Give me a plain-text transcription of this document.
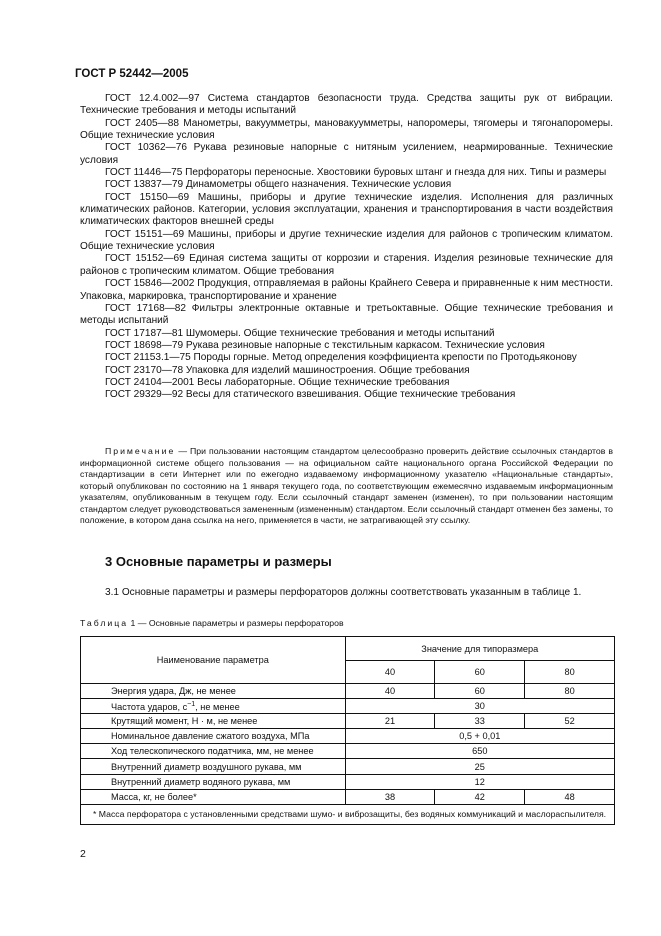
ГОСТ Р 52442—2005

ГОСТ 12.4.002—97 Система стандартов безопасности труда. Средства защиты рук от вибрации. Технические требования и методы испытаний

ГОСТ 2405—88 Манометры, вакуумметры, мановакуумметры, напоромеры, тягомеры и тягонапоромеры. Общие технические условия

ГОСТ 10362—76 Рукава резиновые напорные с нитяным усилением, неармированные. Технические условия

ГОСТ 11446—75 Перфораторы переносные. Хвостовики буровых штанг и гнезда для них. Типы и размеры

ГОСТ 13837—79 Динамометры общего назначения. Технические условия

ГОСТ 15150—69 Машины, приборы и другие технические изделия. Исполнения для различных климатических районов. Категории, условия эксплуатации, хранения и транспортирования в части воздействия климатических факторов внешней среды

ГОСТ 15151—69 Машины, приборы и другие технические изделия для районов с тропическим климатом. Общие технические условия

ГОСТ 15152—69 Единая система защиты от коррозии и старения. Изделия резиновые технические для районов с тропическим климатом. Общие требования

ГОСТ 15846—2002 Продукция, отправляемая в районы Крайнего Севера и приравненные к ним местности. Упаковка, маркировка, транспортирование и хранение

ГОСТ 17168—82 Фильтры электронные октавные и третьоктавные. Общие технические требования и методы испытаний

ГОСТ 17187—81 Шумомеры. Общие технические требования и методы испытаний

ГОСТ 18698—79 Рукава резиновые напорные с текстильным каркасом. Технические условия

ГОСТ 21153.1—75 Породы горные. Метод определения коэффициента крепости по Протодьяконову

ГОСТ 23170—78 Упаковка для изделий машиностроения. Общие требования

ГОСТ 24104—2001 Весы лабораторные. Общие технические требования

ГОСТ 29329—92 Весы для статического взвешивания. Общие технические требования

Примечание — При пользовании настоящим стандартом целесообразно проверить действие ссылочных стандартов в информационной системе общего пользования — на официальном сайте национального органа Российской Федерации по стандартизации в сети Интернет или по ежегодно издаваемому информационному указателю «Национальные стандарты», который опубликован по состоянию на 1 января текущего года, по соответствующим ежемесячно издаваемым информационным указателям, опубликованным в текущем году. Если ссылочный стандарт заменен (изменен), то при пользовании настоящим стандартом следует руководствоваться замененным (измененным) стандартом. Если ссылочный стандарт отменен без замены, то положение, в котором дана ссылка на него, применяется в части, не затрагивающей эту ссылку.

3 Основные параметры и размеры

3.1 Основные параметры и размеры перфораторов должны соответствовать указанным в таблице 1.

Таблица 1 — Основные параметры и размеры перфораторов
Наименование параметра	Значение для типоразмера		
	40	60	80
Энергия удара, Дж, не менее	40	60	80
Частота ударов, $с^{-1}$, не менее	30		
Крутящий момент, Н · м, не менее	21	33	52
Номинальное давление сжатого воздуха, МПа	0,5 + 0,01		
Ход телескопического податчика, мм, не менее	650		
Внутренний диаметр воздушного рукава, мм	25		
Внутренний диаметр водяного рукава, мм	12		
Масса, кг, не более*	38	42	48
* Масса перфоратора с установленными средствами шумо- и виброзащиты, без водяных коммуникаций и маслораспылителя.			
2
